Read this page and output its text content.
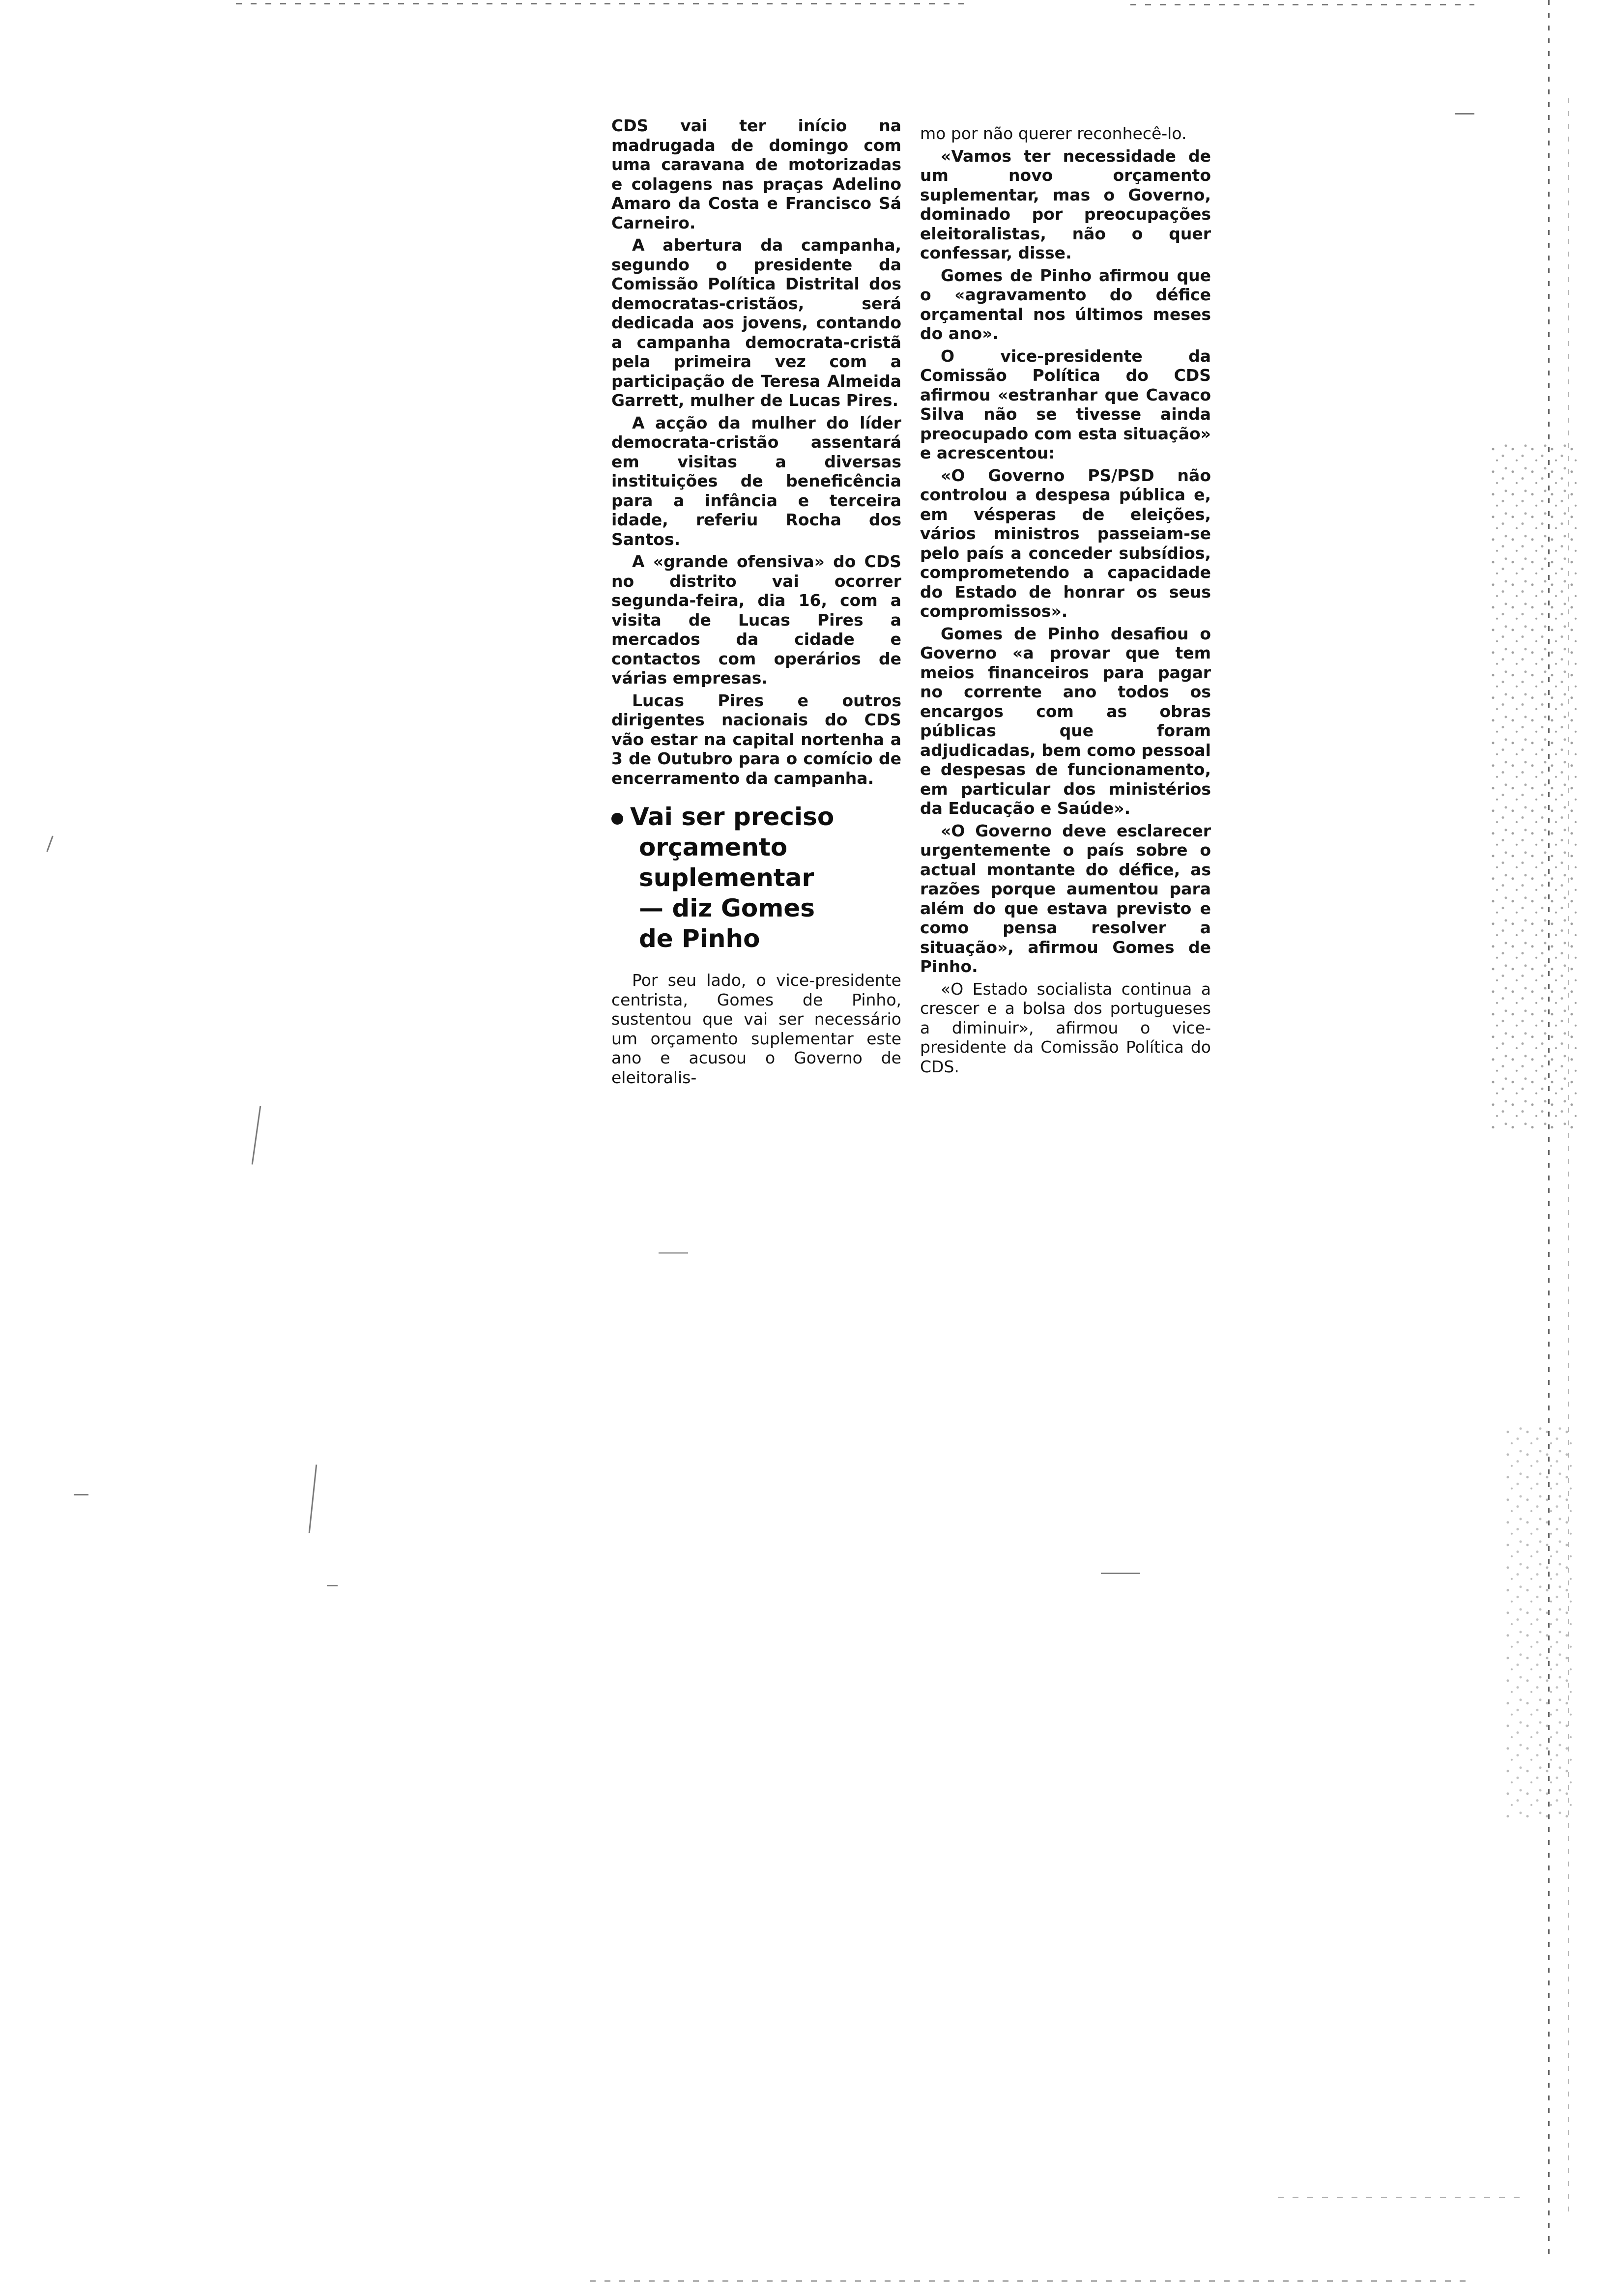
CDS vai ter início na madrugada de domingo com uma caravana de motorizadas e colagens nas praças Adelino Amaro da Costa e Francisco Sá Carneiro.

A abertura da campanha, segundo o presidente da Comissão Política Distrital dos democratas-cristãos, será dedicada aos jovens, contando a campanha democrata-cristã pela primeira vez com a participação de Teresa Almeida Garrett, mulher de Lucas Pires.

A acção da mulher do líder democrata-cristão assentará em visitas a diversas instituições de beneficência para a infância e terceira idade, referiu Rocha dos Santos.

A «grande ofensiva» do CDS no distrito vai ocorrer segunda-feira, dia 16, com a visita de Lucas Pires a mercados da cidade e contactos com operários de várias empresas.

Lucas Pires e outros dirigentes nacionais do CDS vão estar na capital nortenha a 3 de Outubro para o comício de encerramento da campanha.

Vai ser preciso
orçamento
suplementar
— diz Gomes
de Pinho

Por seu lado, o vice-presidente centrista, Gomes de Pinho, sustentou que vai ser necessário um orçamento suplementar este ano e acusou o Governo de eleitoralis-

mo por não querer reconhecê-lo.

«Vamos ter necessidade de um novo orçamento suplementar, mas o Governo, dominado por preocupações eleitoralistas, não o quer confessar, disse.

Gomes de Pinho afirmou que o «agravamento do défice orçamental nos últimos meses do ano».

O vice-presidente da Comissão Política do CDS afirmou «estranhar que Cavaco Silva não se tivesse ainda preocupado com esta situação» e acrescentou:

«O Governo PS/PSD não controlou a despesa pública e, em vésperas de eleições, vários ministros passeiam-se pelo país a conceder subsídios, comprometendo a capacidade do Estado de honrar os seus compromissos».

Gomes de Pinho desafiou o Governo «a provar que tem meios financeiros para pagar no corrente ano todos os encargos com as obras públicas que foram adjudicadas, bem como pessoal e despesas de funcionamento, em particular dos ministérios da Educação e Saúde».

«O Governo deve esclarecer urgentemente o país sobre o actual montante do défice, as razões porque aumentou para além do que estava previsto e como pensa resolver a situação», afirmou Gomes de Pinho.

«O Estado socialista continua a crescer e a bolsa dos portugueses a diminuir», afirmou o vice-presidente da Comissão Política do CDS.
